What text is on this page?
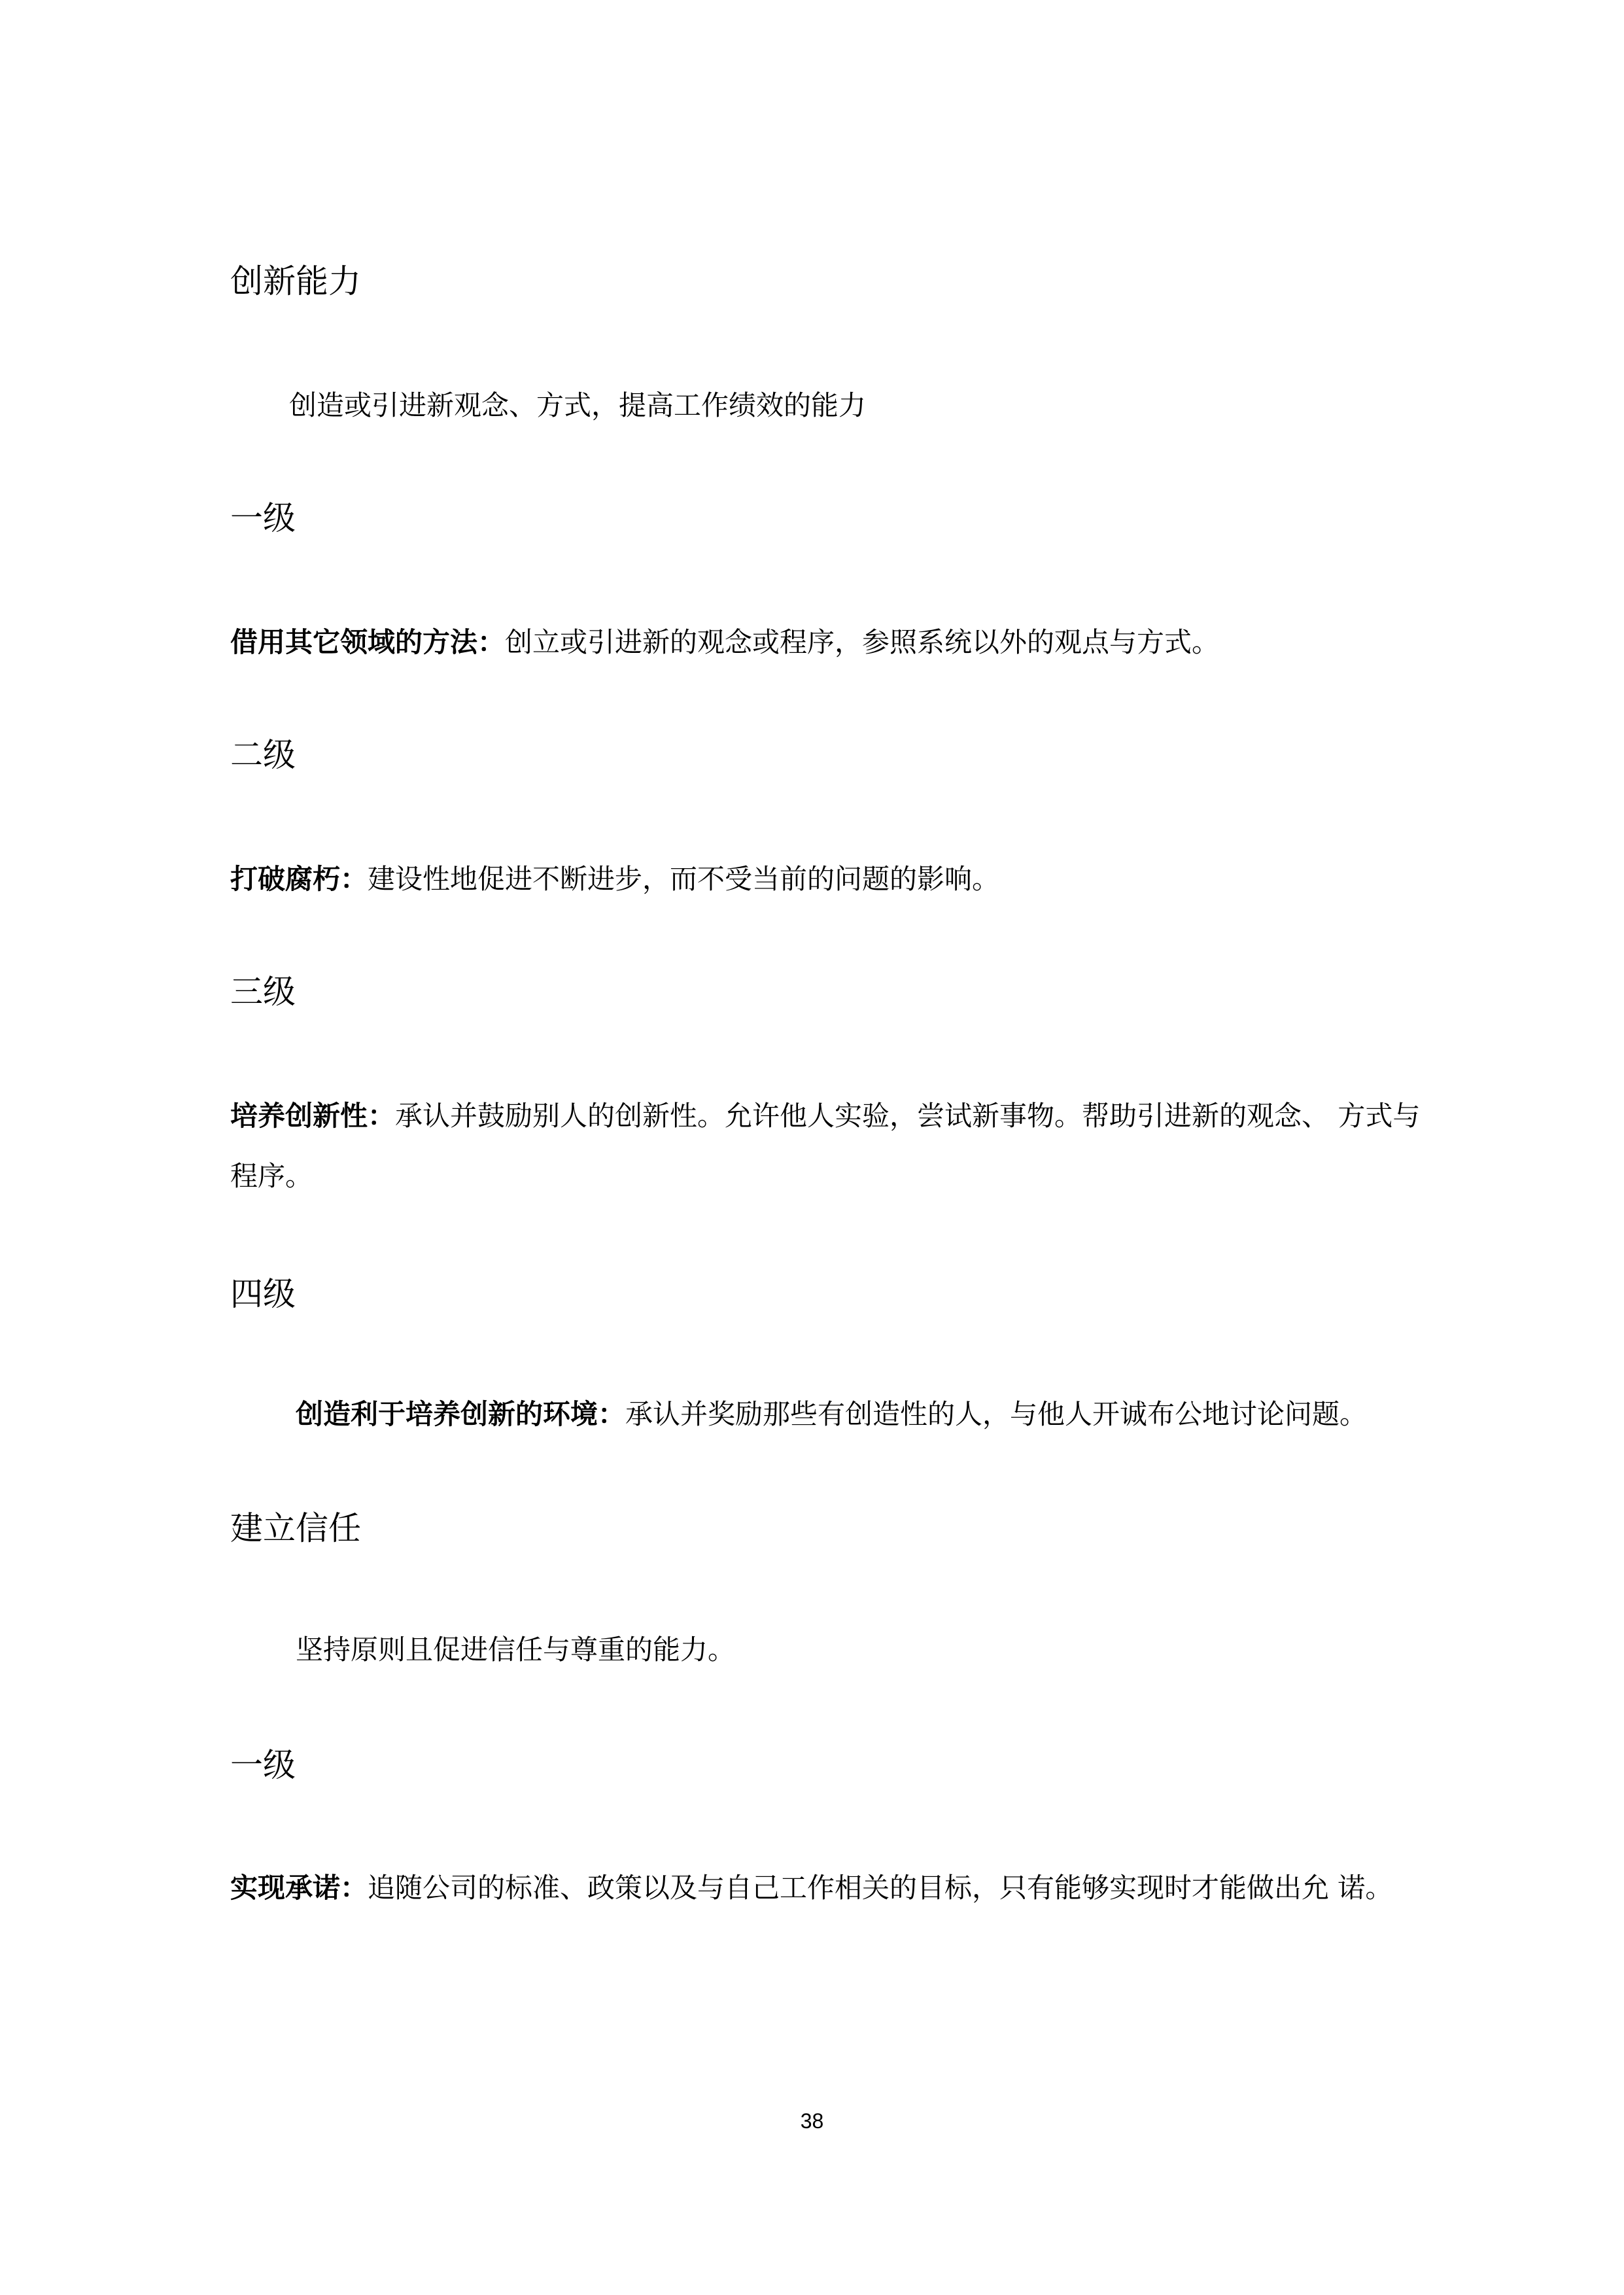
创新能力
创造或引进新观念、方式，提高工作绩效的能力
一级
借用其它领域的方法：创立或引进新的观念或程序，参照系统以外的观点与方式。
二级
打破腐朽：建设性地促进不断进步，而不受当前的问题的影响。
三级
培养创新性：承认并鼓励别人的创新性。允许他人实验，尝试新事物。帮助引进新的观念、 方式与程序。
四级
创造利于培养创新的环境：承认并奖励那些有创造性的人，与他人开诚布公地讨论问题。
建立信任
坚持原则且促进信任与尊重的能力。
一级
实现承诺：追随公司的标准、政策以及与自己工作相关的目标，只有能够实现时才能做出允 诺。
38
